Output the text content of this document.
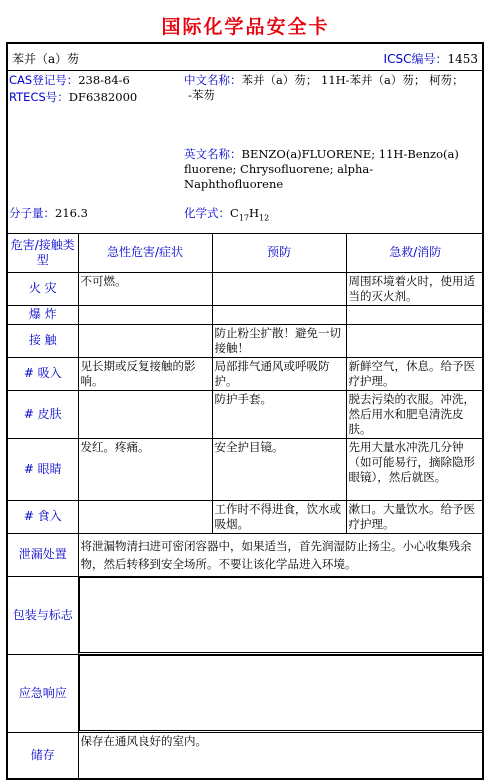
国际化学品安全卡
苯并（a）芴	ICSC编号：1453
CAS登记号：238-84-6
RTECS号：DF6382000
中文名称：苯并（a）芴； 11H-苯并（a）芴； 柯芴；
-苯芴
英文名称：BENZO(a)FLUORENE; 11H-Benzo(a)
fluorene; Chrysofluorene; alpha-
Naphthofluorene
分子量：216.3	化学式：$C_{17}H_{12}$
危害/接触类型	急性危害/症状	预防	急救/消防
火 灾	不可燃。		周围环境着火时，使用适当的灭火剂。
爆 炸			
接 触		防止粉尘扩散！避免一切接触！	
# 吸入	见长期或反复接触的影响。	局部排气通风或呼吸防护。	新鲜空气，休息。给予医疗护理。
# 皮肤		防护手套。	脱去污染的衣服。冲洗，然后用水和肥皂清洗皮肤。
# 眼睛	发红。疼痛。	安全护目镜。	先用大量水冲洗几分钟（如可能易行，摘除隐形眼镜），然后就医。
# 食入		工作时不得进食，饮水或吸烟。	漱口。大量饮水。给予医疗护理。
泄漏处置	将泄漏物清扫进可密闭容器中，如果适当，首先润湿防止扬尘。小心收集残余物，然后转移到安全场所。不要让该化学品进入环境。		
包装与标志			

应急响应			

储存	保存在通风良好的室内。		
